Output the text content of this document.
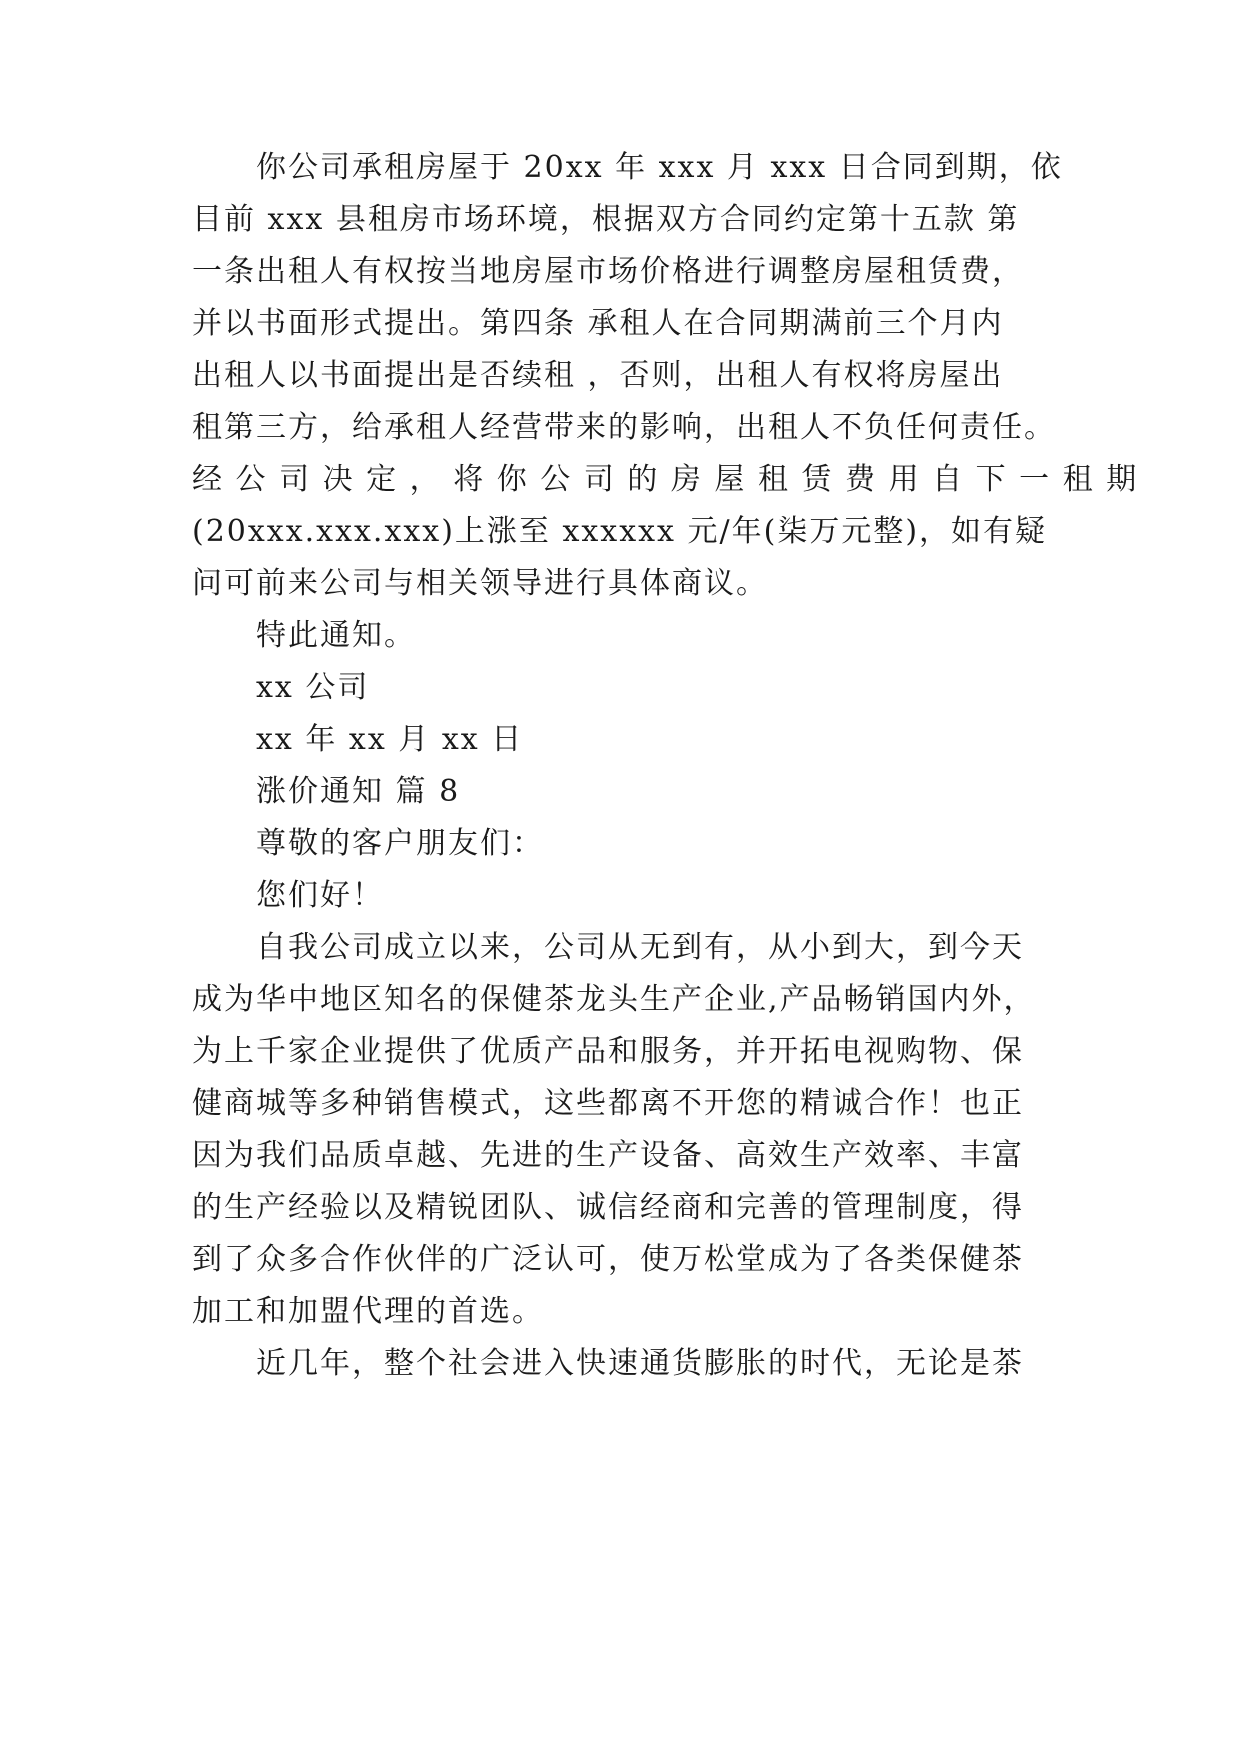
你公司承租房屋于 20xx 年 xxx 月 xxx 日合同到期，依
目前 xxx 县租房市场环境，根据双方合同约定第十五款 第
一条出租人有权按当地房屋市场价格进行调整房屋租赁费，
并以书面形式提出。第四条 承租人在合同期满前三个月内
出租人以书面提出是否续租 ，否则，出租人有权将房屋出
租第三方，给承租人经营带来的影响，出租人不负任何责任。
经 公 司 决 定 ， 将 你 公 司 的 房 屋 租 赁 费 用 自 下 一 租 期
(20xxx.xxx.xxx)上涨至 xxxxxx 元/年(柒万元整)，如有疑
问可前来公司与相关领导进行具体商议。
特此通知。
xx 公司
xx 年 xx 月 xx 日
涨价通知 篇 8
尊敬的客户朋友们：
您们好！
自我公司成立以来，公司从无到有，从小到大，到今天
成为华中地区知名的保健茶龙头生产企业,产品畅销国内外，
为上千家企业提供了优质产品和服务，并开拓电视购物、保
健商城等多种销售模式，这些都离不开您的精诚合作！也正
因为我们品质卓越、先进的生产设备、高效生产效率、丰富
的生产经验以及精锐团队、诚信经商和完善的管理制度，得
到了众多合作伙伴的广泛认可，使万松堂成为了各类保健茶
加工和加盟代理的首选。
近几年，整个社会进入快速通货膨胀的时代，无论是茶
